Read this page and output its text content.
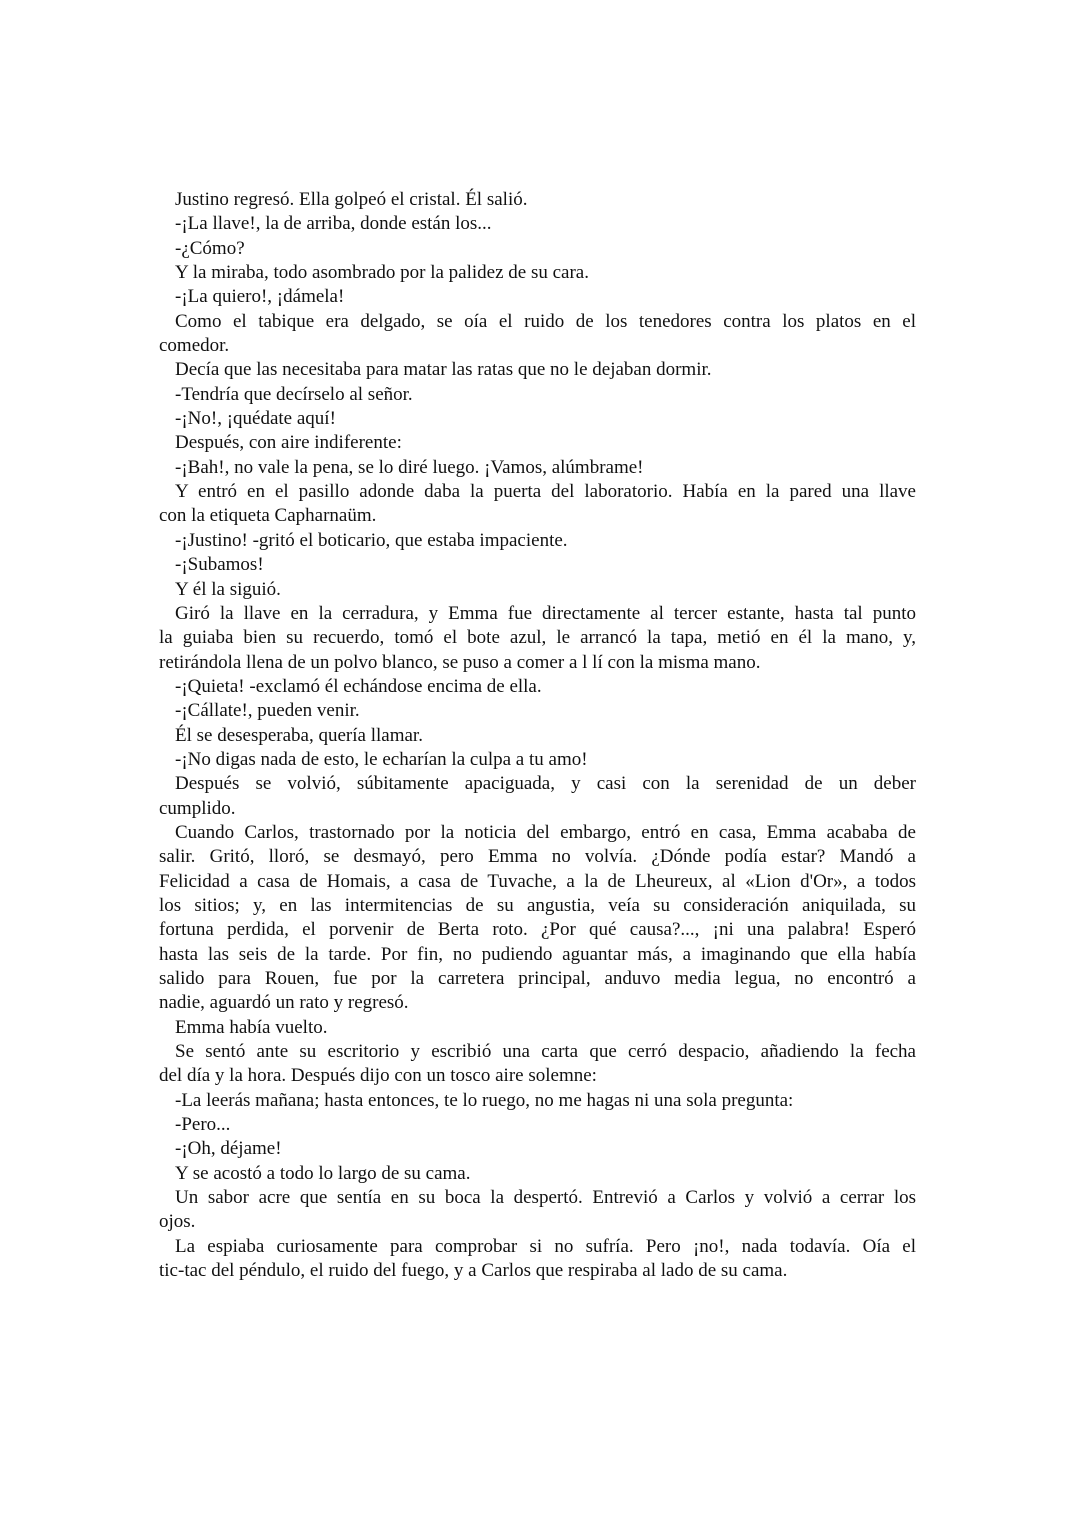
Justino regresó. Ella golpeó el cristal. Él salió.
-¡La llave!, la de arriba, donde están los...
-¿Cómo?
Y la miraba, todo asombrado por la palidez de su cara.
-¡La quiero!, ¡dámela!
Como el tabique era delgado, se oía el ruido de los tenedores contra los platos en el
comedor.
Decía que las necesitaba para matar las ratas que no le dejaban dormir.
-Tendría que decírselo al señor.
-¡No!, ¡quédate aquí!
Después, con aire indiferente:
-¡Bah!, no vale la pena, se lo diré luego. ¡Vamos, alúmbrame!
Y entró en el pasillo adonde daba la puerta del laboratorio. Había en la pared una llave
con la etiqueta Capharnaüm.
-¡Justino! -gritó el boticario, que estaba impaciente.
-¡Subamos!
Y él la siguió.
Giró la llave en la cerradura, y Emma fue directamente al tercer estante, hasta tal punto
la guiaba bien su recuerdo, tomó el bote azul, le arrancó la tapa, metió en él la mano, y,
retirándola llena de un polvo blanco, se puso a comer a l lí con la misma mano.
-¡Quieta! -exclamó él echándose encima de ella.
-¡Cállate!, pueden venir.
Él se desesperaba, quería llamar.
-¡No digas nada de esto, le echarían la culpa a tu amo!
Después se volvió, súbitamente apaciguada, y casi con la serenidad de un deber
cumplido.
Cuando Carlos, trastornado por la noticia del embargo, entró en casa, Emma acababa de
salir. Gritó, lloró, se desmayó, pero Emma no volvía. ¿Dónde podía estar? Mandó a
Felicidad a casa de Homais, a casa de Tuvache, a la de Lheureux, al «Lion d'Or», a todos
los sitios; y, en las intermitencias de su angustia, veía su consideración aniquilada, su
fortuna perdida, el porvenir de Berta roto. ¿Por qué causa?..., ¡ni una palabra! Esperó
hasta las seis de la tarde. Por fin, no pudiendo aguantar más, a imaginando que ella había
salido para Rouen, fue por la carretera principal, anduvo media legua, no encontró a
nadie, aguardó un rato y regresó.
Emma había vuelto.
Se sentó ante su escritorio y escribió una carta que cerró despacio, añadiendo la fecha
del día y la hora. Después dijo con un tosco aire solemne:
-La leerás mañana; hasta entonces, te lo ruego, no me hagas ni una sola pregunta:
-Pero...
-¡Oh, déjame!
Y se acostó a todo lo largo de su cama.
Un sabor acre que sentía en su boca la despertó. Entrevió a Carlos y volvió a cerrar los
ojos.
La espiaba curiosamente para comprobar si no sufría. Pero ¡no!, nada todavía. Oía el
tic-tac del péndulo, el ruido del fuego, y a Carlos que respiraba al lado de su cama.
